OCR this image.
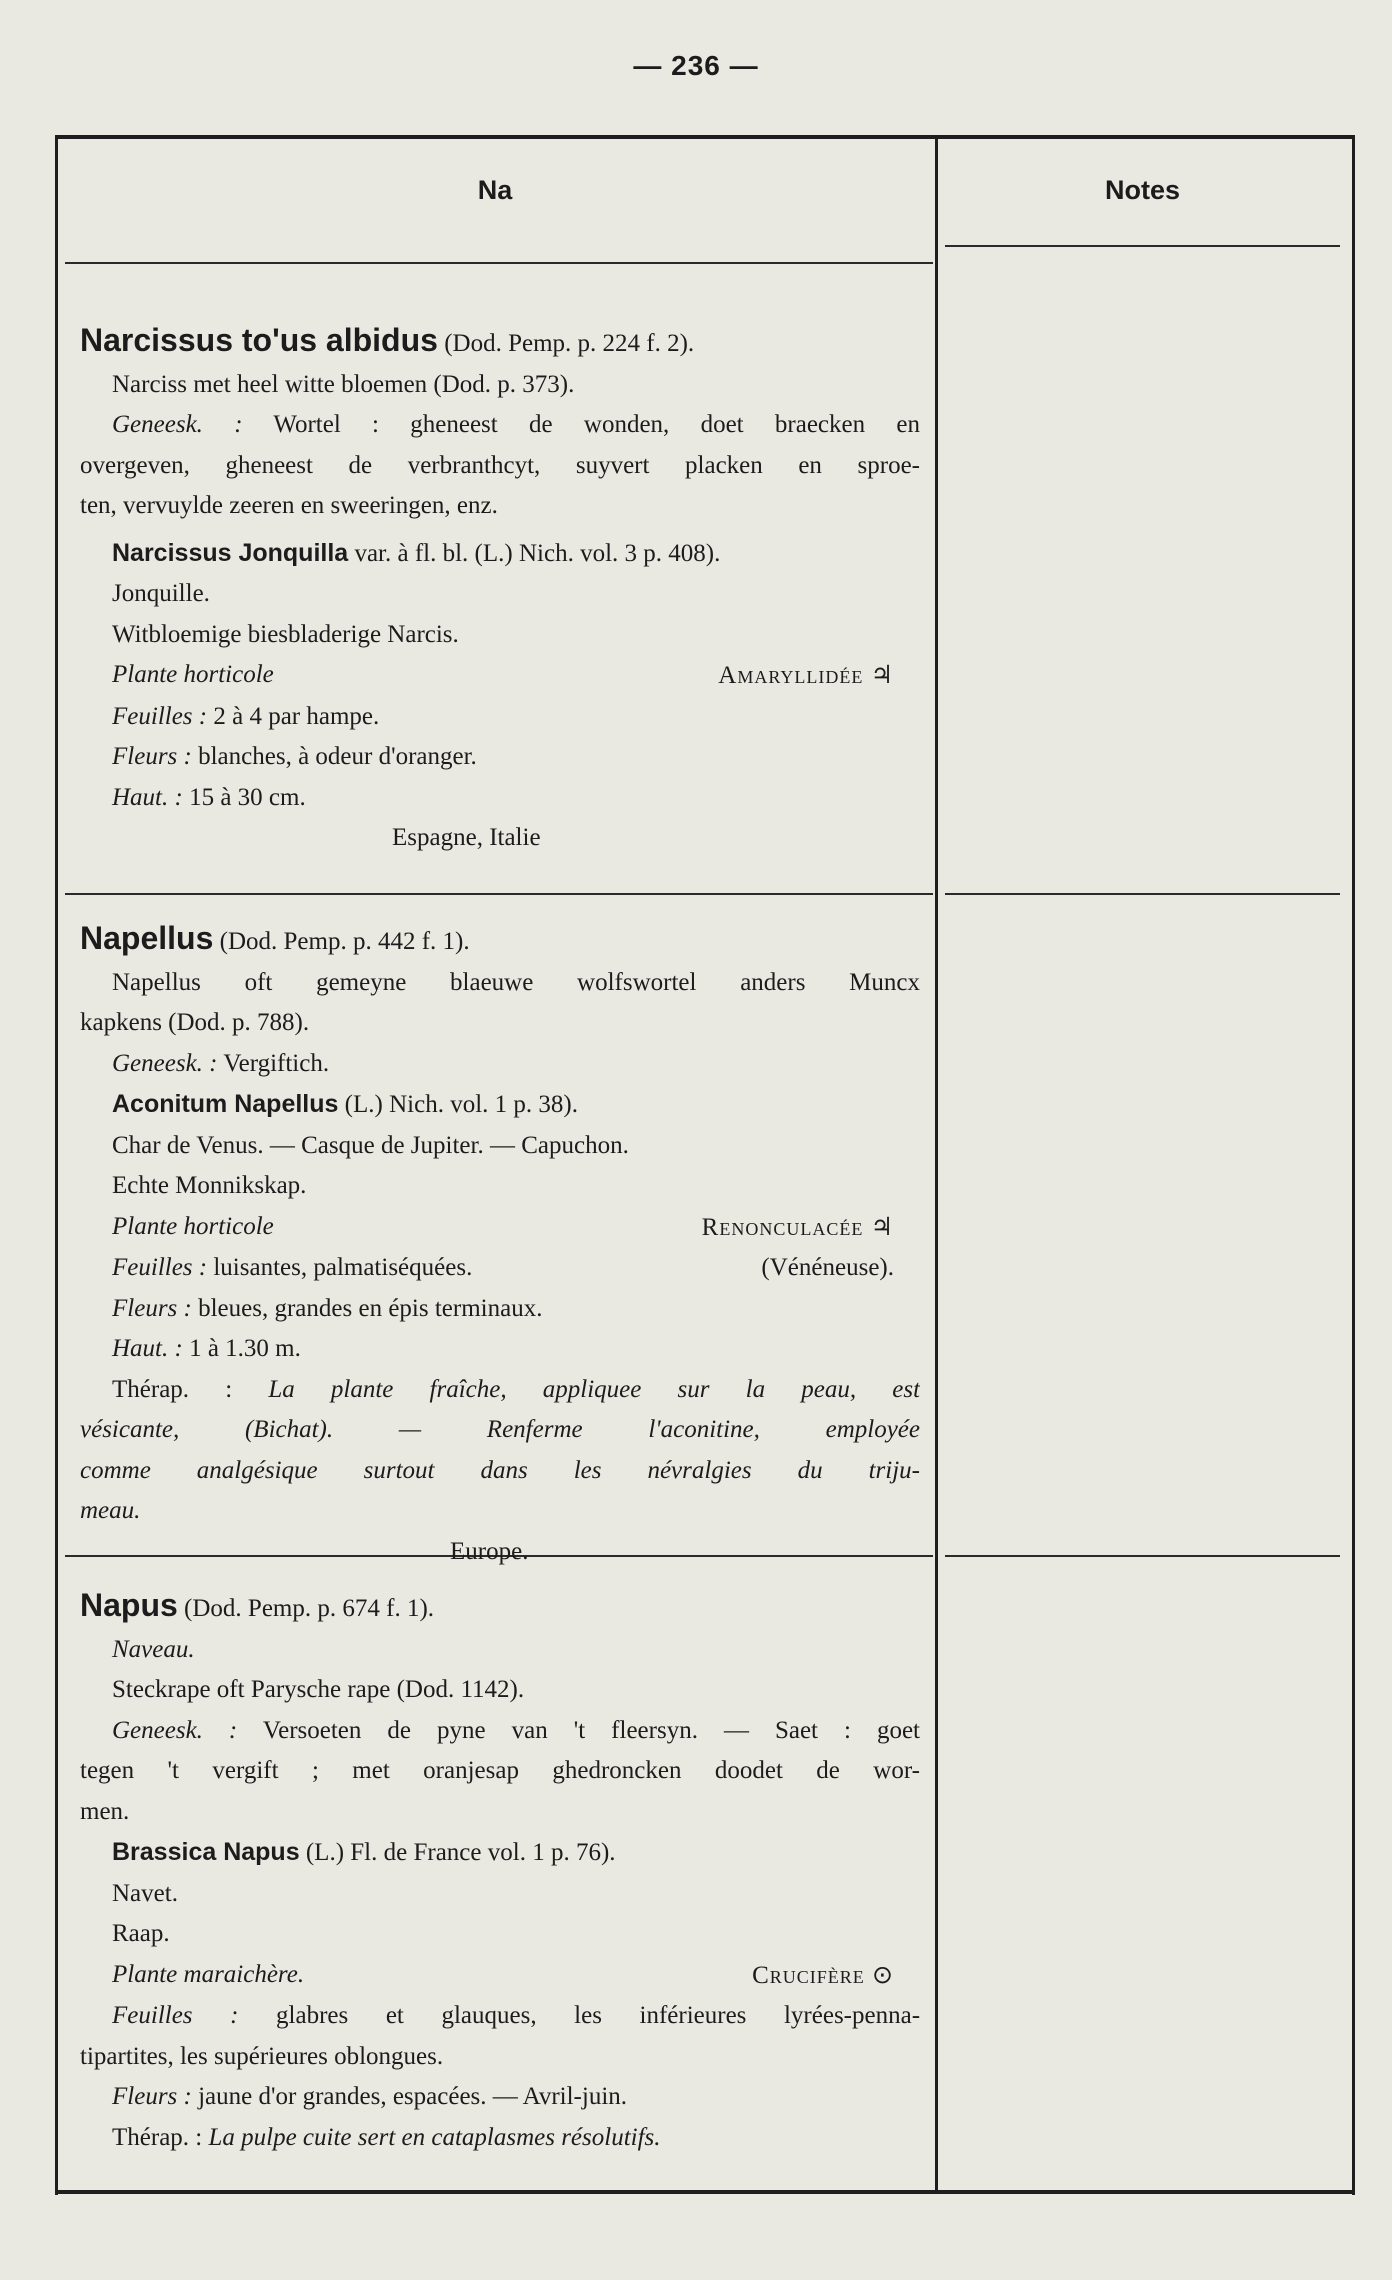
— 236 —
Na	Notes
Narcissus to'us albidus (Dod. Pemp. p. 224 f. 2).
Narciss met heel witte bloemen (Dod. p. 373).
Geneesk. : Wortel : gheneest de wonden, doet braecken en
overgeven, gheneest de verbranthcyt, suyvert placken en sproe-
ten, vervuylde zeeren en sweeringen, enz.
Narcissus Jonquilla var. à fl. bl. (L.) Nich. vol. 3 p. 408).
Jonquille.
Witbloemige biesbladerige Narcis.
Plante horticole	Amaryllidée ♃
Feuilles : 2 à 4 par hampe.
Fleurs : blanches, à odeur d'oranger.
Haut. : 15 à 30 cm.
Espagne, Italie
Napellus (Dod. Pemp. p. 442 f. 1).
Napellus oft gemeyne blaeuwe wolfswortel anders Muncx
kapkens (Dod. p. 788).
Geneesk. : Vergiftich.
Aconitum Napellus (L.) Nich. vol. 1 p. 38).
Char de Venus. — Casque de Jupiter. — Capuchon.
Echte Monnikskap.
Plante horticole	Renonculacée ♃
Feuilles : luisantes, palmatiséquées.	(Vénéneuse).
Fleurs : bleues, grandes en épis terminaux.
Haut. : 1 à 1.30 m.
Thérap. : La plante fraîche, appliquee sur la peau, est
vésicante, (Bichat). — Renferme l'aconitine, employée
comme analgésique surtout dans les névralgies du triju-
meau.
Europe.
Napus (Dod. Pemp. p. 674 f. 1).
Naveau.
Steckrape oft Parysche rape (Dod. 1142).
Geneesk. : Versoeten de pyne van 't fleersyn. — Saet : goet
tegen 't vergift ; met oranjesap ghedroncken doodet de wor-
men.
Brassica Napus (L.) Fl. de France vol. 1 p. 76).
Navet.
Raap.
Plante maraichère.	Crucifère ⊙
Feuilles : glabres et glauques, les inférieures lyrées-penna-
tipartites, les supérieures oblongues.
Fleurs : jaune d'or grandes, espacées. — Avril-juin.
Thérap. : La pulpe cuite sert en cataplasmes résolutifs.
